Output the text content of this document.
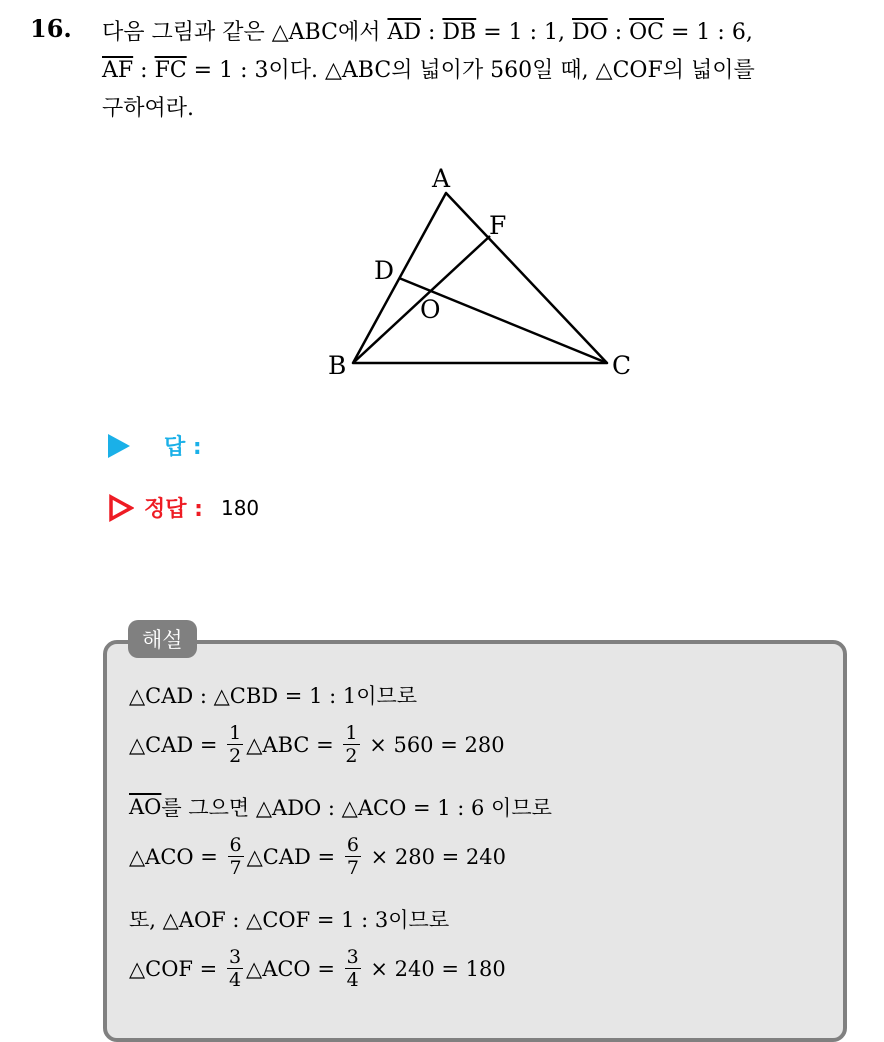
16. 다음 그림과 같은 △ABC에서 $\overline{AD}$ : $\overline{DB} = 1$ : 1, $\overline{DO}$ : $\overline{OC} = 1$ : 6,
$\overline{AF}$ : $\overline{FC} = 1$ : 3이다. △ABC의 넓이가 560일 때, △COF의 넓이를
구하여라.
A
B	C
D
F
O
답 :
정답 : 180
해설
△CAD : △CBD = 1 : 1이므로
△CAD = $\frac{1}{2}$ △ABC = $\frac{1}{2} \times 560 = 280$
$\overline{AO}$ 를 그으면 △ADO : △ACO = 1 : 6 이므로
△ACO = $\frac{6}{7}$ △CAD = $\frac{6}{7} \times 280 = 240$
또, △AOF : △COF = 1 : 3이므로
△COF = $\frac{3}{4}$ △ACO = $\frac{3}{4} \times 240 = 180$
